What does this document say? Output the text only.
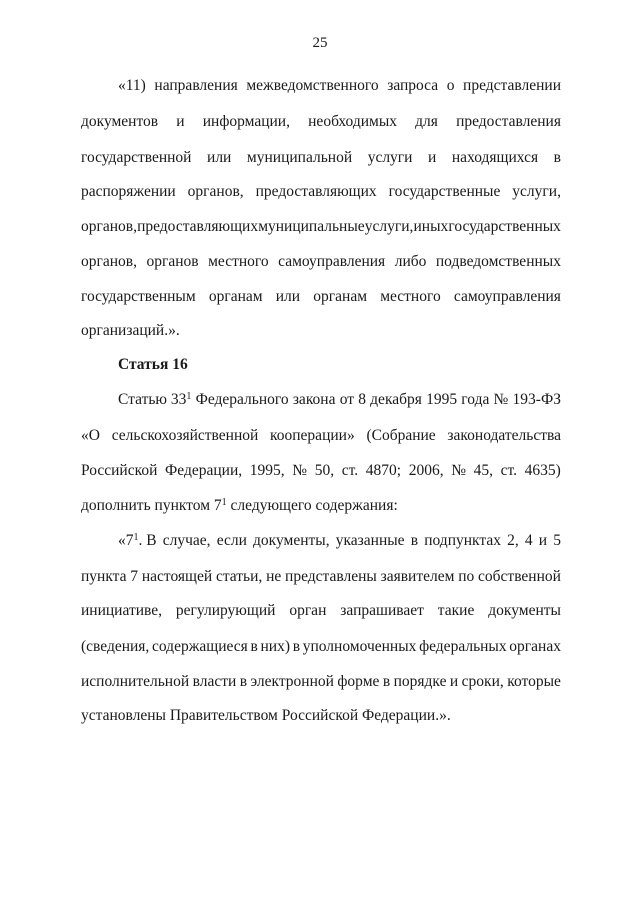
25
«11) направления межведомственного запроса о представлении
документов и информации, необходимых для предоставления
государственной или муниципальной услуги и находящихся в
распоряжении органов, предоставляющих государственные услуги,
органов, предоставляющих муниципальные услуги, иных государственных
органов, органов местного самоуправления либо подведомственных
государственным органам или органам местного самоуправления
организаций.».
Статья 16
Статью $33^1$ Федерального закона от 8 декабря 1995 года № 193-ФЗ
«О сельскохозяйственной кооперации» (Собрание законодательства
Российской Федерации, 1995, № 50, ст. 4870; 2006, № 45, ст. 4635)
дополнить пунктом $7^1$ следующего содержания:
«$7^1$. В случае, если документы, указанные в подпунктах 2, 4 и 5
пункта 7 настоящей статьи, не представлены заявителем по собственной
инициативе, регулирующий орган запрашивает такие документы
(сведения, содержащиеся в них) в уполномоченных федеральных органах
исполнительной власти в электронной форме в порядке и сроки, которые
установлены Правительством Российской Федерации.».
